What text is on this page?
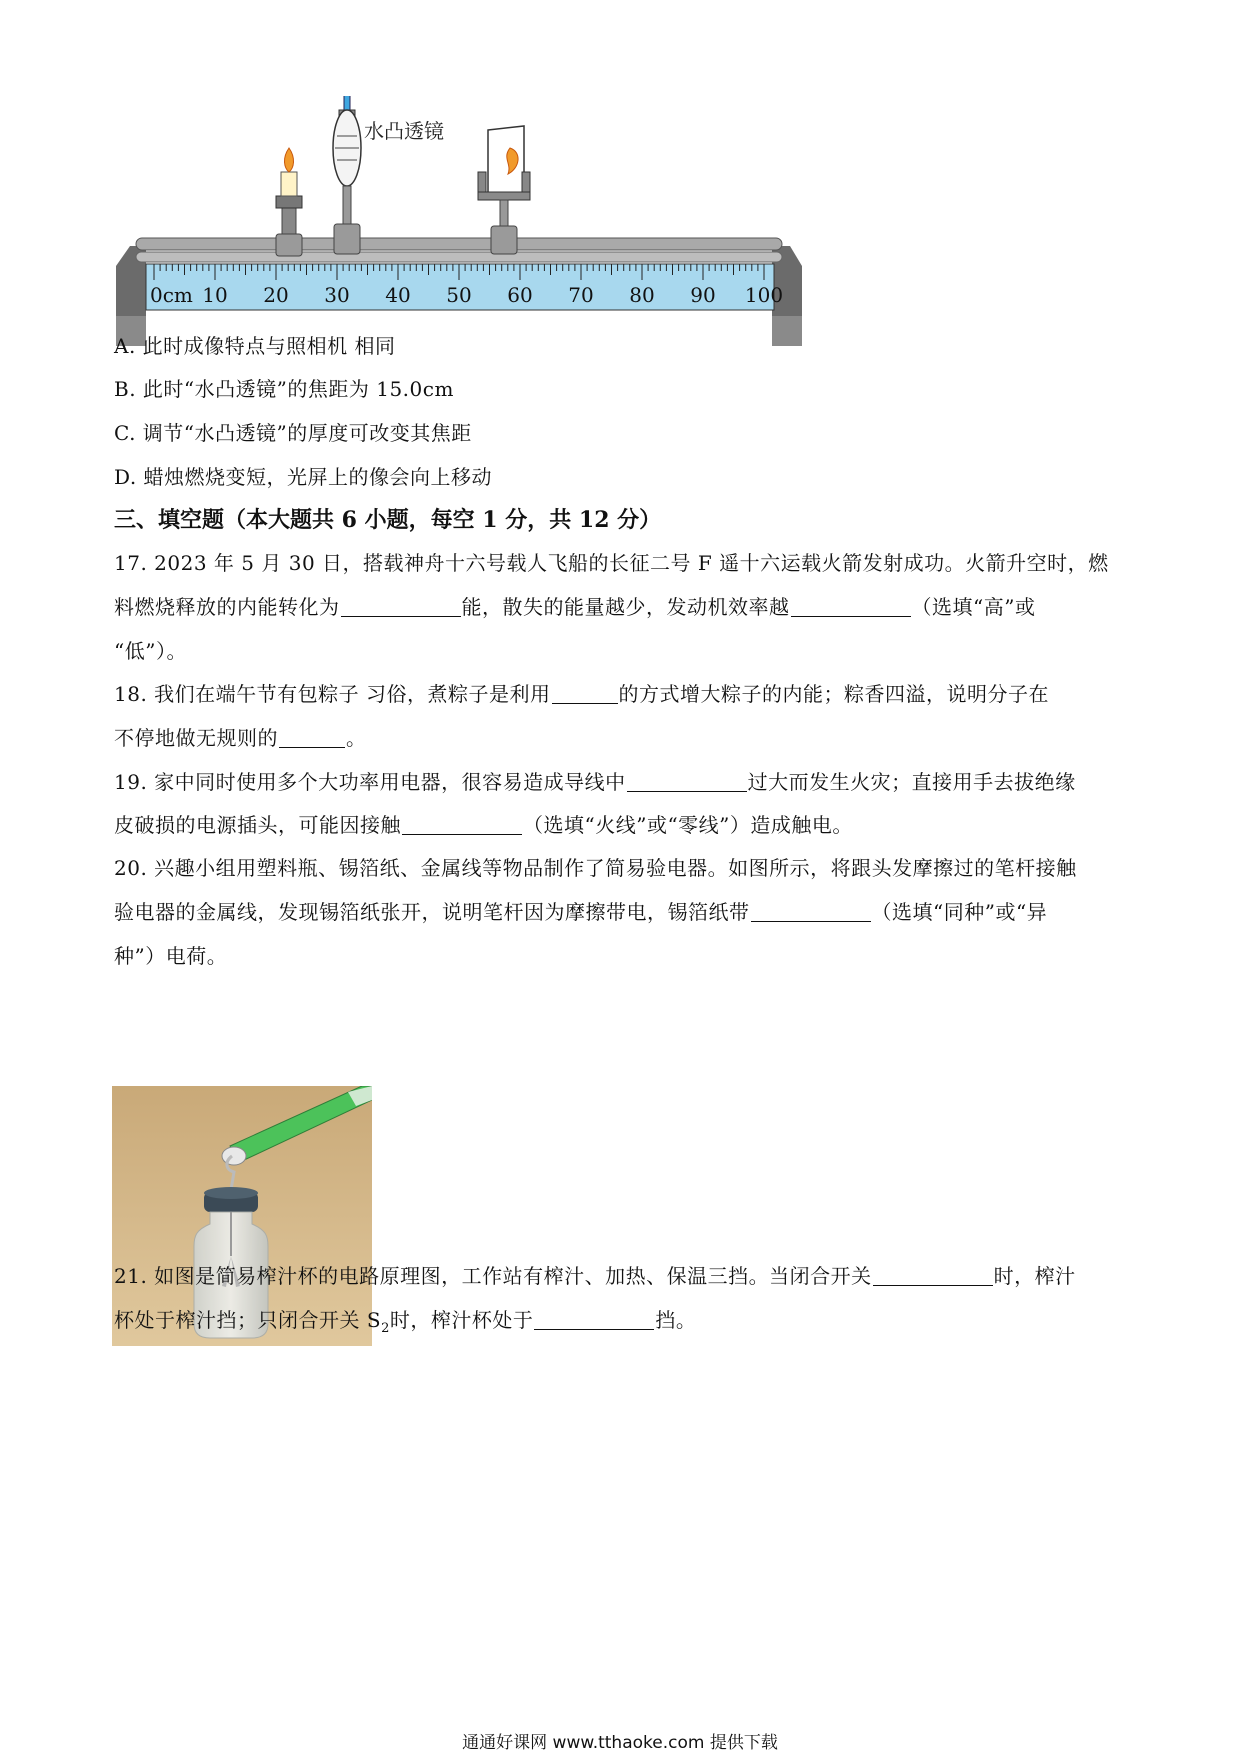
0cm 10 20 30 40 50 60 70 80 90 100
水凸透镜
A. 此时成像特点与照相机 相同
B. 此时“水凸透镜”的焦距为 15.0cm
C. 调节“水凸透镜”的厚度可改变其焦距
D. 蜡烛燃烧变短，光屏上的像会向上移动
三、填空题（本大题共 6 小题，每空 1 分，共 12 分）
17. 2023 年 5 月 30 日，搭载神舟十六号载人飞船的长征二号 F 遥十六运载火箭发射成功。火箭升空时，燃
料燃烧释放的内能转化为	能，散失的能量越少，发动机效率越	（选填“高”或
“低”）。
18. 我们在端午节有包粽子 习俗，煮粽子是利用	的方式增大粽子的内能；粽香四溢，说明分子在
不停地做无规则的	。
19. 家中同时使用多个大功率用电器，很容易造成导线中	过大而发生火灾；直接用手去拔绝缘
皮破损的电源插头，可能因接触	（选填“火线”或“零线”）造成触电。
20. 兴趣小组用塑料瓶、锡箔纸、金属线等物品制作了简易验电器。如图所示，将跟头发摩擦过的笔杆接触
验电器的金属线，发现锡箔纸张开，说明笔杆因为摩擦带电，锡箔纸带	（选填“同种”或“异
种”）电荷。
21. 如图是简易榨汁杯的电路原理图，工作站有榨汁、加热、保温三挡。当闭合开关	时，榨汁
杯处于榨汁挡；只闭合开关 $S_2$时，榨汁杯处于	挡。
通通好课网 www.tthaoke.com 提供下载
